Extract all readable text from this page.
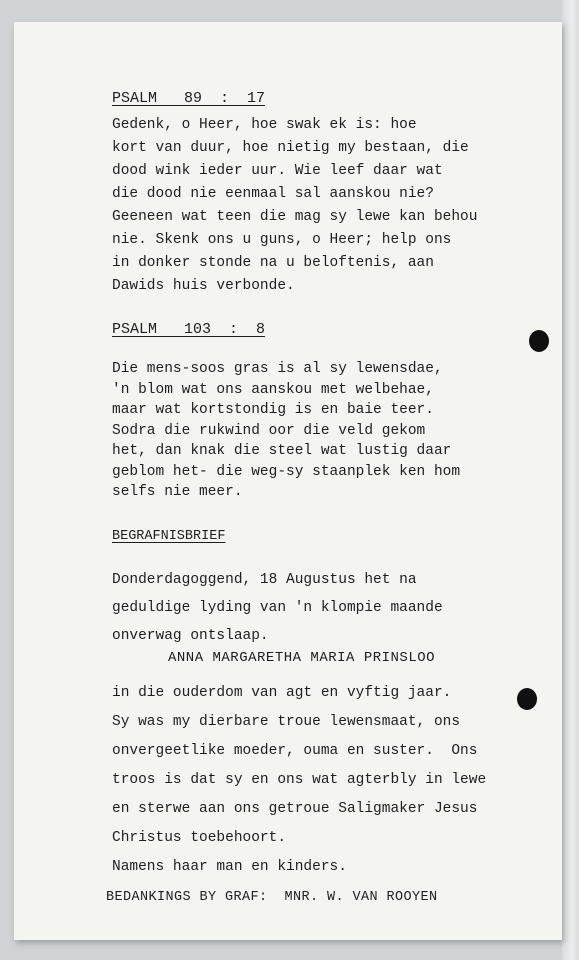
PSALM   89  :  17
Gedenk, o Heer, hoe swak ek is: hoe
kort van duur, hoe nietig my bestaan, die
dood wink ieder uur. Wie leef daar wat
die dood nie eenmaal sal aanskou nie?
Geeneen wat teen die mag sy lewe kan behou
nie. Skenk ons u guns, o Heer; help ons
in donker stonde na u beloftenis, aan
Dawids huis verbonde.
PSALM   103  :  8
Die mens-soos gras is al sy lewensdae,
'n blom wat ons aanskou met welbehae,
maar wat kortstondig is en baie teer.
Sodra die rukwind oor die veld gekom
het, dan knak die steel wat lustig daar
geblom het- die weg-sy staanplek ken hom
selfs nie meer.
BEGRAFNISBRIEF
Donderdagoggend, 18 Augustus het na
geduldige lyding van 'n klompie maande
onverwag ontslaap.
ANNA MARGARETHA MARIA PRINSLOO
in die ouderdom van agt en vyftig jaar.
Sy was my dierbare troue lewensmaat, ons
onvergeetlike moeder, ouma en suster.  Ons
troos is dat sy en ons wat agterbly in lewe
en sterwe aan ons getroue Saligmaker Jesus
Christus toebehoort.
Namens haar man en kinders.
BEDANKINGS BY GRAF:  MNR. W. VAN ROOYEN
